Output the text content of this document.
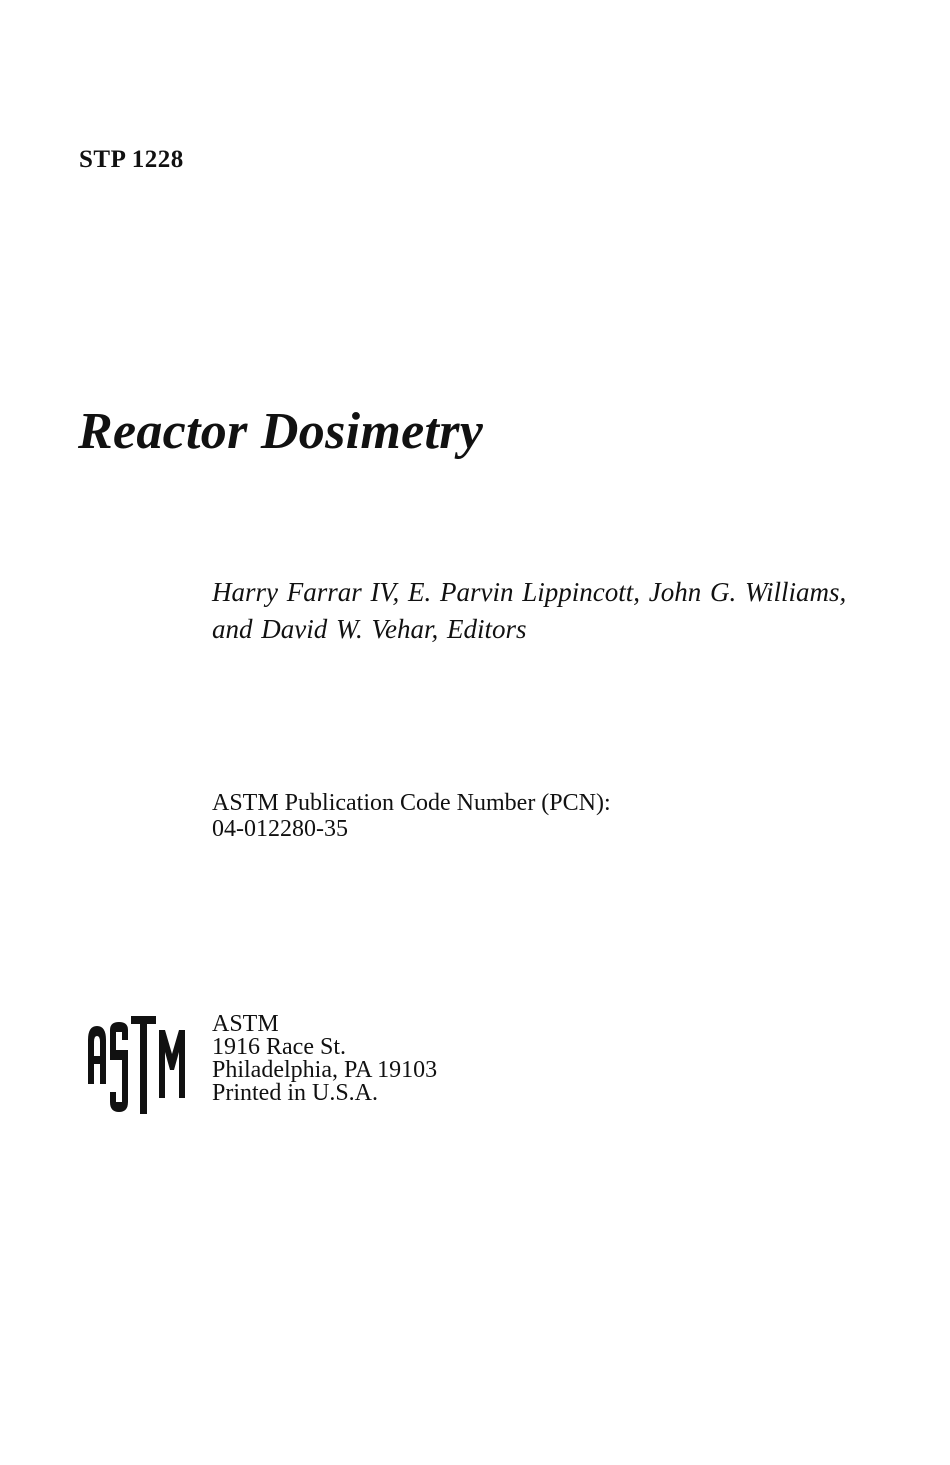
STP 1228
Reactor Dosimetry

Harry Farrar IV, E. Parvin Lippincott, John G. Williams, and David W. Vehar, Editors

ASTM Publication Code Number (PCN):
04-012280-35
ASTM
1916 Race St.
Philadelphia, PA 19103
Printed in U.S.A.
